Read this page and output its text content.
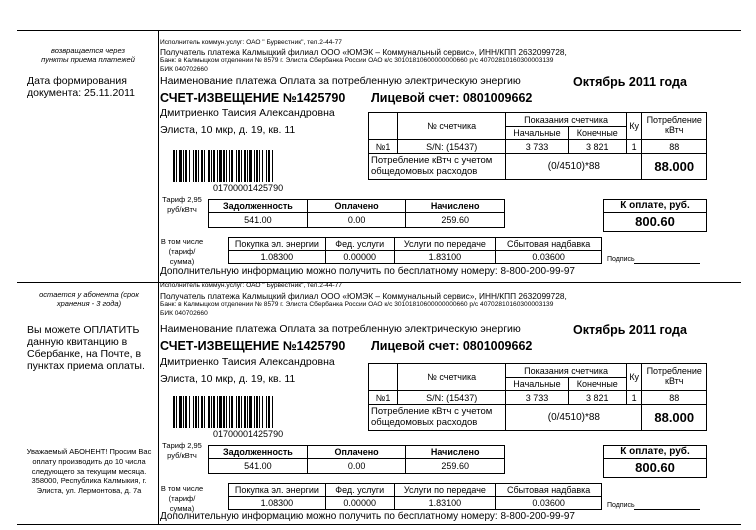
возвращается через пункты приема платежей
Дата формирования документа: 25.11.2011
Исполнитель коммун.услуг: ОАО " Бурвестник", тел.2-44-77
Получатель платежа Калмыцкий филиал ООО «ЮМЭК – Коммунальный сервис», ИНН/КПП 2632099728,
Банк: в Калмыцком отделении № 8579 г. Элиста Сбербанка России ОАО к/с 30101810600000000660 р/с 40702810160300003139
БИК 040702660
Наименование платежа Оплата за потребленную электрическую энергию	Октябрь 2011 года
СЧЕТ-ИЗВЕЩЕНИЕ №1425790 Лицевой счет: 0801009662
Дмитриенко Таисия Александровна
Элиста, 10 мкр, д. 19, кв. 11
01700001425790
	№ счетчика	Показания счетчика		Ку	Потребление кВтч
		Начальные	Конечные		
№1	S/N: (15437)	3 733	3 821	1	88
Потребление кВтч с учетом общедомовых расходов		(0/4510)*88			88.000
Тариф 2,95 руб/кВтч	Задолженность	Оплачено	Начислено
541.00	0.00	259.60
К оплате, руб.
800.60
В том числе (тариф/сумма)
Покупка эл. энергии	Фед. услуги	Услуги по передаче	Сбытовая надбавка
1.08300	0.00000	1.83100	0.03600	Подпись
Дополнительную информацию можно получить по бесплатному номеру: 8-800-200-99-97
остается у абонента (срок хранения - 3 года)
Вы можете ОПЛАТИТЬ данную квитанцию в Сбербанке, на Почте, в пунктах приема оплаты.
Уважаемый АБОНЕНТ! Просим Вас оплату производить до 10 числа следующего за текущим месяца. 358000, Республика Калмыкия, г. Элиста, ул. Лермонтова, д. 7а
Исполнитель коммун.услуг: ОАО " Бурвестник", тел.2-44-77
Получатель платежа Калмыцкий филиал ООО «ЮМЭК – Коммунальный сервис», ИНН/КПП 2632099728,
Банк: в Калмыцком отделении № 8579 г. Элиста Сбербанка России ОАО к/с 30101810600000000660 р/с 40702810160300003139
БИК 040702660
Наименование платежа Оплата за потребленную электрическую энергию	Октябрь 2011 года
СЧЕТ-ИЗВЕЩЕНИЕ №1425790 Лицевой счет: 0801009662
Дмитриенко Таисия Александровна
Элиста, 10 мкр, д. 19, кв. 11
01700001425790
	№ счетчика	Показания счетчика		Ку	Потребление кВтч
		Начальные	Конечные		
№1	S/N: (15437)	3 733	3 821	1	88
Потребление кВтч с учетом общедомовых расходов		(0/4510)*88			88.000
Тариф 2,95 руб/кВтч	Задолженность	Оплачено	Начислено
541.00	0.00	259.60
К оплате, руб.
800.60
В том числе (тариф/сумма)
Покупка эл. энергии	Фед. услуги	Услуги по передаче	Сбытовая надбавка
1.08300	0.00000	1.83100	0.03600	Подпись
Дополнительную информацию можно получить по бесплатному номеру: 8-800-200-99-97
